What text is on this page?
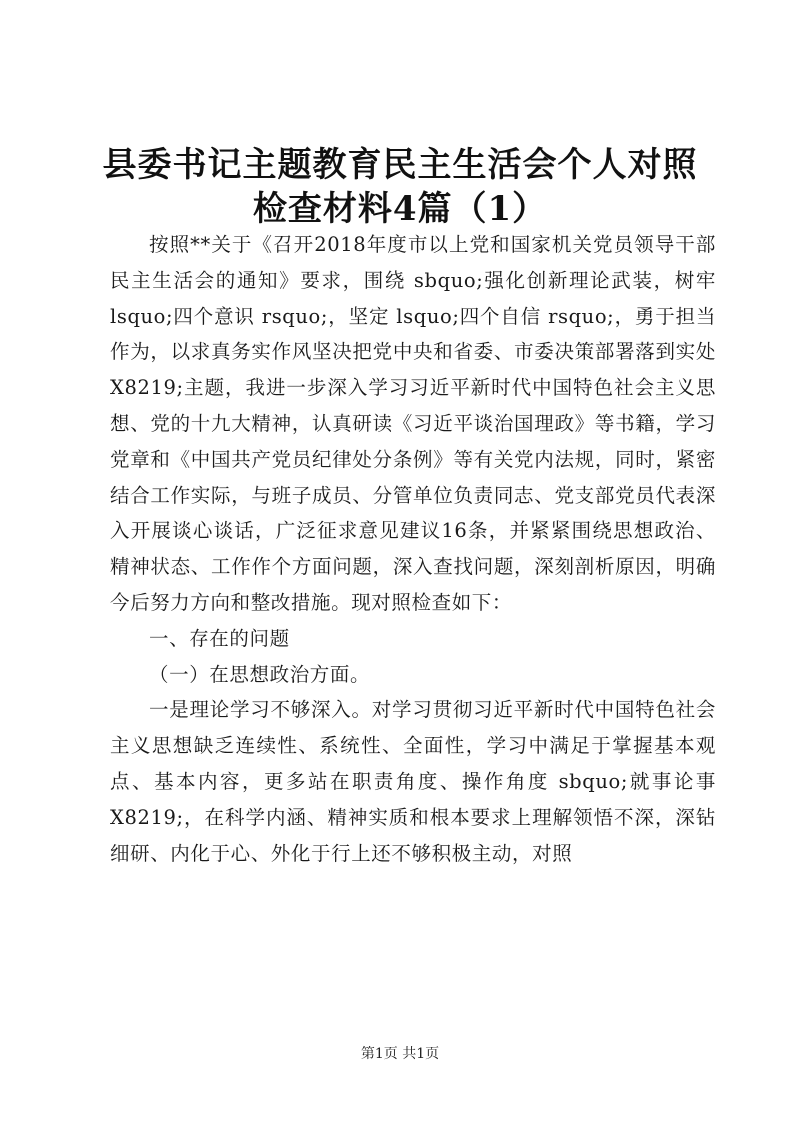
县委书记主题教育民主生活会个人对照检查材料4篇（1）

按照**关于《召开2018年度市以上党和国家机关党员领导干部民主生活会的通知》要求，围绕 sbquo;强化创新理论武装，树牢 lsquo;四个意识 rsquo;，坚定 lsquo;四个自信 rsquo;，勇于担当作为，以求真务实作风坚决把党中央和省委、市委决策部署落到实处 X8219;主题，我进一步深入学习习近平新时代中国特色社会主义思想、党的十九大精神，认真研读《习近平谈治国理政》等书籍，学习党章和《中国共产党员纪律处分条例》等有关党内法规，同时，紧密结合工作实际，与班子成员、分管单位负责同志、党支部党员代表深入开展谈心谈话，广泛征求意见建议16条，并紧紧围绕思想政治、精神状态、工作作个方面问题，深入查找问题，深刻剖析原因，明确今后努力方向和整改措施。现对照检查如下：

一、存在的问题

（一）在思想政治方面。

一是理论学习不够深入。对学习贯彻习近平新时代中国特色社会主义思想缺乏连续性、系统性、全面性，学习中满足于掌握基本观点、基本内容，更多站在职责角度、操作角度 sbquo;就事论事 X8219;，在科学内涵、精神实质和根本要求上理解领悟不深，深钻细研、内化于心、外化于行上还不够积极主动，对照

第1页 共1页
